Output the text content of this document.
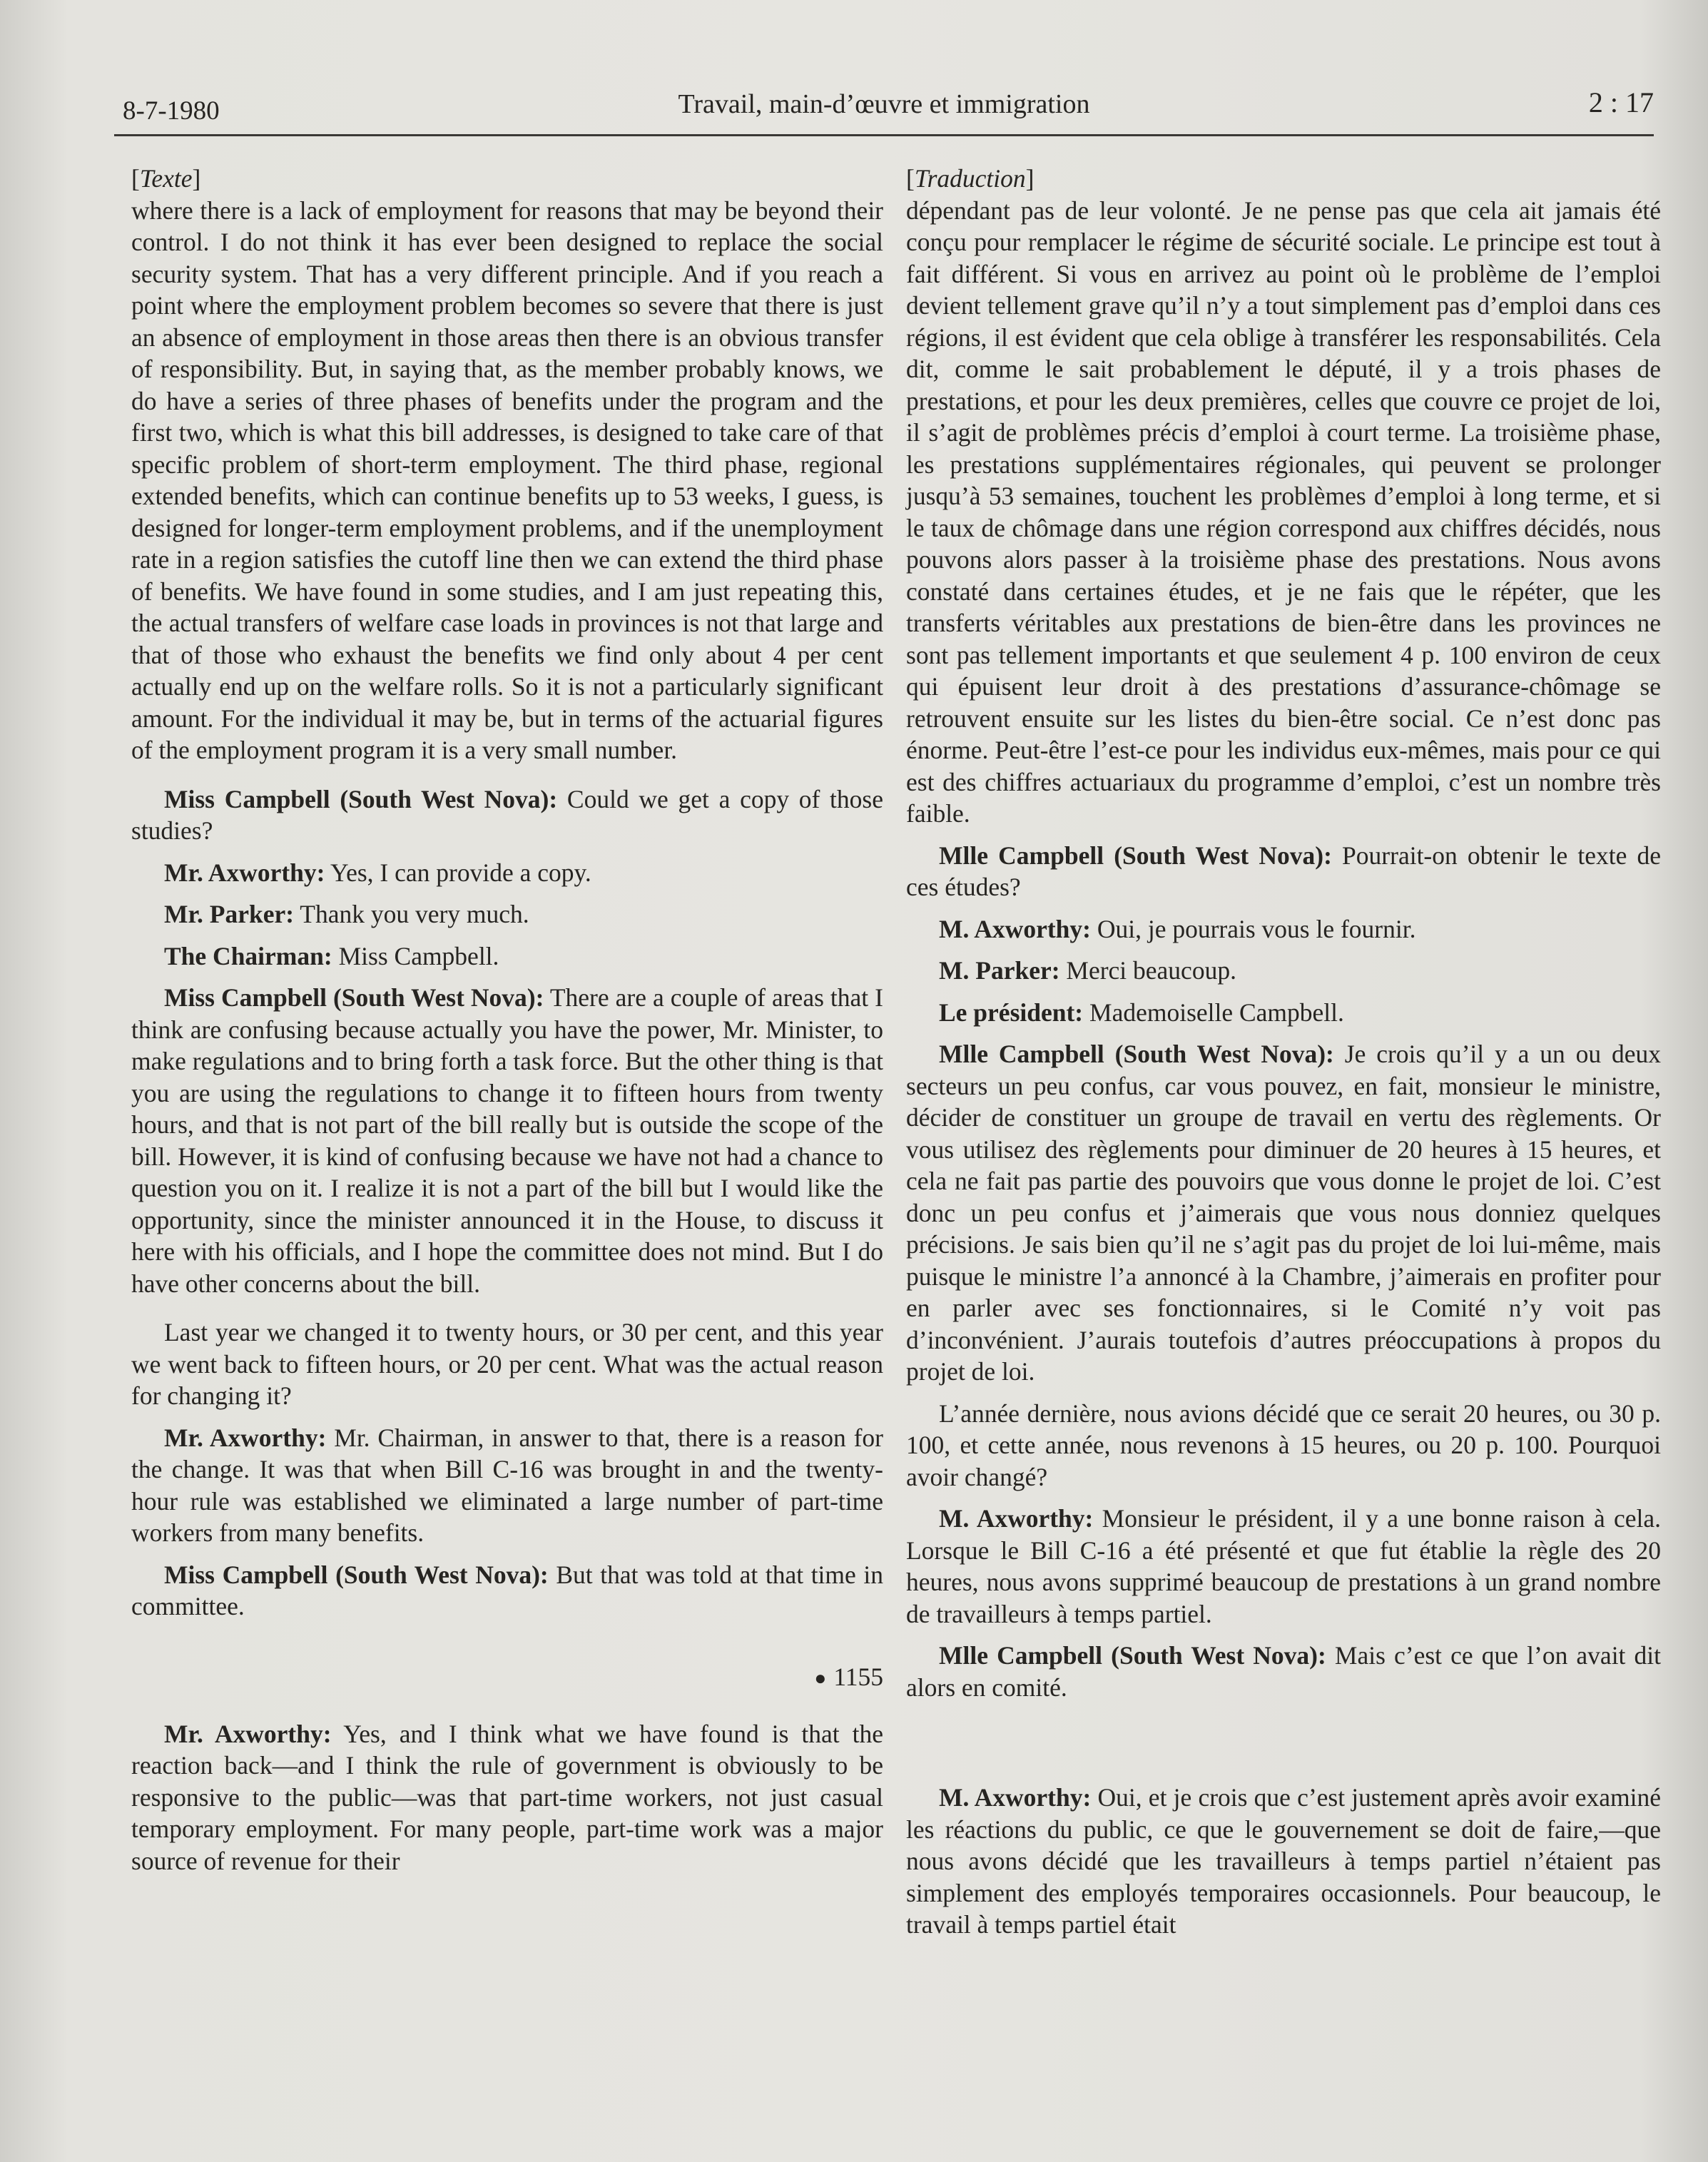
8-7-1980	Travail, main-d’œuvre et immigration	2 : 17

[Texte]

where there is a lack of employment for reasons that may be beyond their control. I do not think it has ever been designed to replace the social security system. That has a very different principle. And if you reach a point where the employment problem becomes so severe that there is just an absence of employment in those areas then there is an obvious transfer of responsibility. But, in saying that, as the member probably knows, we do have a series of three phases of benefits under the program and the first two, which is what this bill addresses, is designed to take care of that specific problem of short-term employment. The third phase, regional extended benefits, which can continue benefits up to 53 weeks, I guess, is designed for longer-term employment problems, and if the unemployment rate in a region satisfies the cutoff line then we can extend the third phase of benefits. We have found in some studies, and I am just repeating this, the actual transfers of welfare case loads in provinces is not that large and that of those who exhaust the benefits we find only about 4 per cent actually end up on the welfare rolls. So it is not a particularly significant amount. For the individual it may be, but in terms of the actuarial figures of the employment program it is a very small number.

Miss Campbell (South West Nova): Could we get a copy of those studies?

Mr. Axworthy: Yes, I can provide a copy.

Mr. Parker: Thank you very much.

The Chairman: Miss Campbell.

Miss Campbell (South West Nova): There are a couple of areas that I think are confusing because actually you have the power, Mr. Minister, to make regulations and to bring forth a task force. But the other thing is that you are using the regulations to change it to fifteen hours from twenty hours, and that is not part of the bill really but is outside the scope of the bill. However, it is kind of confusing because we have not had a chance to question you on it. I realize it is not a part of the bill but I would like the opportunity, since the minister announced it in the House, to discuss it here with his officials, and I hope the committee does not mind. But I do have other concerns about the bill.

Last year we changed it to twenty hours, or 30 per cent, and this year we went back to fifteen hours, or 20 per cent. What was the actual reason for changing it?

Mr. Axworthy: Mr. Chairman, in answer to that, there is a reason for the change. It was that when Bill C-16 was brought in and the twenty-hour rule was established we eliminated a large number of part-time workers from many benefits.

Miss Campbell (South West Nova): But that was told at that time in committee.

● 1155

Mr. Axworthy: Yes, and I think what we have found is that the reaction back—and I think the rule of government is obviously to be responsive to the public—was that part-time workers, not just casual temporary employment. For many people, part-time work was a major source of revenue for their

[Traduction]

dépendant pas de leur volonté. Je ne pense pas que cela ait jamais été conçu pour remplacer le régime de sécurité sociale. Le principe est tout à fait différent. Si vous en arrivez au point où le problème de l’emploi devient tellement grave qu’il n’y a tout simplement pas d’emploi dans ces régions, il est évident que cela oblige à transférer les responsabilités. Cela dit, comme le sait probablement le député, il y a trois phases de prestations, et pour les deux premières, celles que couvre ce projet de loi, il s’agit de problèmes précis d’emploi à court terme. La troisième phase, les prestations supplémentaires régionales, qui peuvent se prolonger jusqu’à 53 semaines, touchent les problèmes d’emploi à long terme, et si le taux de chômage dans une région correspond aux chiffres décidés, nous pouvons alors passer à la troisième phase des prestations. Nous avons constaté dans certaines études, et je ne fais que le répéter, que les transferts véritables aux prestations de bien-être dans les provinces ne sont pas tellement importants et que seulement 4 p. 100 environ de ceux qui épuisent leur droit à des prestations d’assurance-chômage se retrouvent ensuite sur les listes du bien-être social. Ce n’est donc pas énorme. Peut-être l’est-ce pour les individus eux-mêmes, mais pour ce qui est des chiffres actuariaux du programme d’emploi, c’est un nombre très faible.

Mlle Campbell (South West Nova): Pourrait-on obtenir le texte de ces études?

M. Axworthy: Oui, je pourrais vous le fournir.

M. Parker: Merci beaucoup.

Le président: Mademoiselle Campbell.

Mlle Campbell (South West Nova): Je crois qu’il y a un ou deux secteurs un peu confus, car vous pouvez, en fait, monsieur le ministre, décider de constituer un groupe de travail en vertu des règlements. Or vous utilisez des règlements pour diminuer de 20 heures à 15 heures, et cela ne fait pas partie des pouvoirs que vous donne le projet de loi. C’est donc un peu confus et j’aimerais que vous nous donniez quelques précisions. Je sais bien qu’il ne s’agit pas du projet de loi lui-même, mais puisque le ministre l’a annoncé à la Chambre, j’aimerais en profiter pour en parler avec ses fonctionnaires, si le Comité n’y voit pas d’inconvénient. J’aurais toutefois d’autres préoccupations à propos du projet de loi.

L’année dernière, nous avions décidé que ce serait 20 heures, ou 30 p. 100, et cette année, nous revenons à 15 heures, ou 20 p. 100. Pourquoi avoir changé?

M. Axworthy: Monsieur le président, il y a une bonne raison à cela. Lorsque le Bill C-16 a été présenté et que fut établie la règle des 20 heures, nous avons supprimé beaucoup de prestations à un grand nombre de travailleurs à temps partiel.

Mlle Campbell (South West Nova): Mais c’est ce que l’on avait dit alors en comité.

M. Axworthy: Oui, et je crois que c’est justement après avoir examiné les réactions du public, ce que le gouvernement se doit de faire,—que nous avons décidé que les travailleurs à temps partiel n’étaient pas simplement des employés temporaires occasionnels. Pour beaucoup, le travail à temps partiel était
